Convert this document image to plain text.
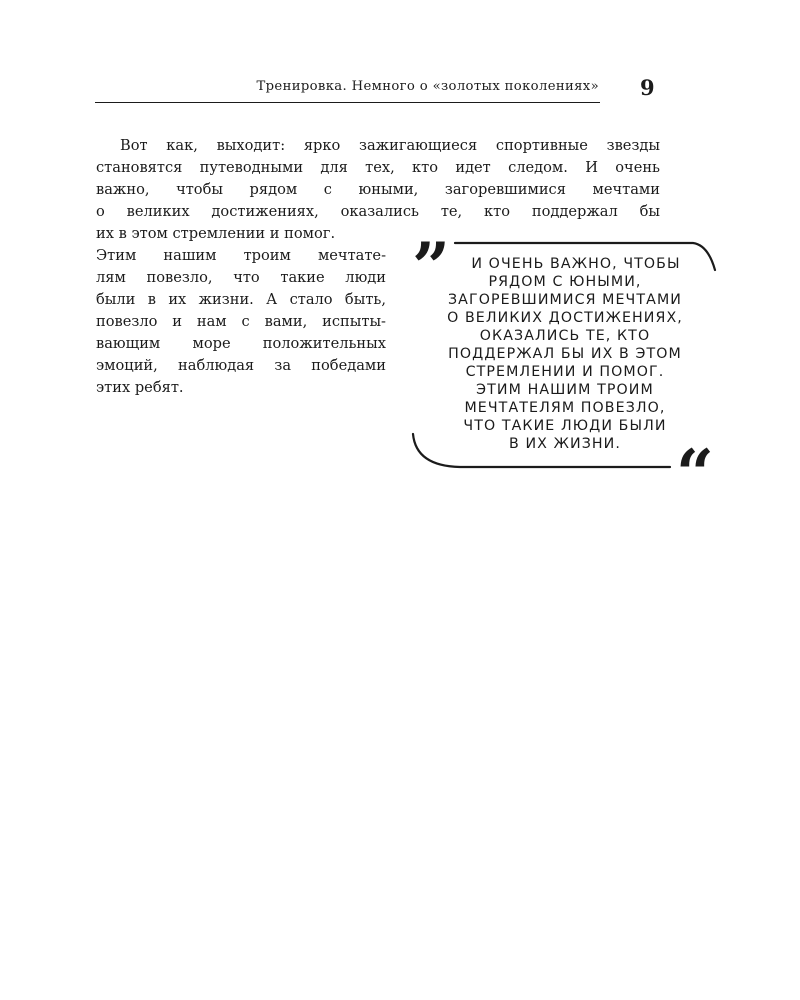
Тренировка. Немного о «золотых поколениях» 9
Вот как, выходит: ярко зажигающиеся спортивные звезды
становятся путеводными для тех, кто идет следом. И очень
важно, чтобы рядом с юными, загоревшимися мечтами
о великих достижениях, оказались те, кто поддержал бы
их в этом стремлении и помог.
Этим нашим троим мечтате-
лям повезло, что такие люди
были в их жизни. А стало быть,
повезло и нам с вами, испыты-
вающим море положительных
эмоций, наблюдая за победами
этих ребят.
”
“
И ОЧЕНЬ ВАЖНО, ЧТОБЫ
РЯДОМ С ЮНЫМИ,
ЗАГОРЕВШИМИСЯ МЕЧТАМИ
О ВЕЛИКИХ ДОСТИЖЕНИЯХ,
ОКАЗАЛИСЬ ТЕ, КТО
ПОДДЕРЖАЛ БЫ ИХ В ЭТОМ
СТРЕМЛЕНИИ И ПОМОГ.
ЭТИМ НАШИМ ТРОИМ
МЕЧТАТЕЛЯМ ПОВЕЗЛО,
ЧТО ТАКИЕ ЛЮДИ БЫЛИ
В ИХ ЖИЗНИ.
